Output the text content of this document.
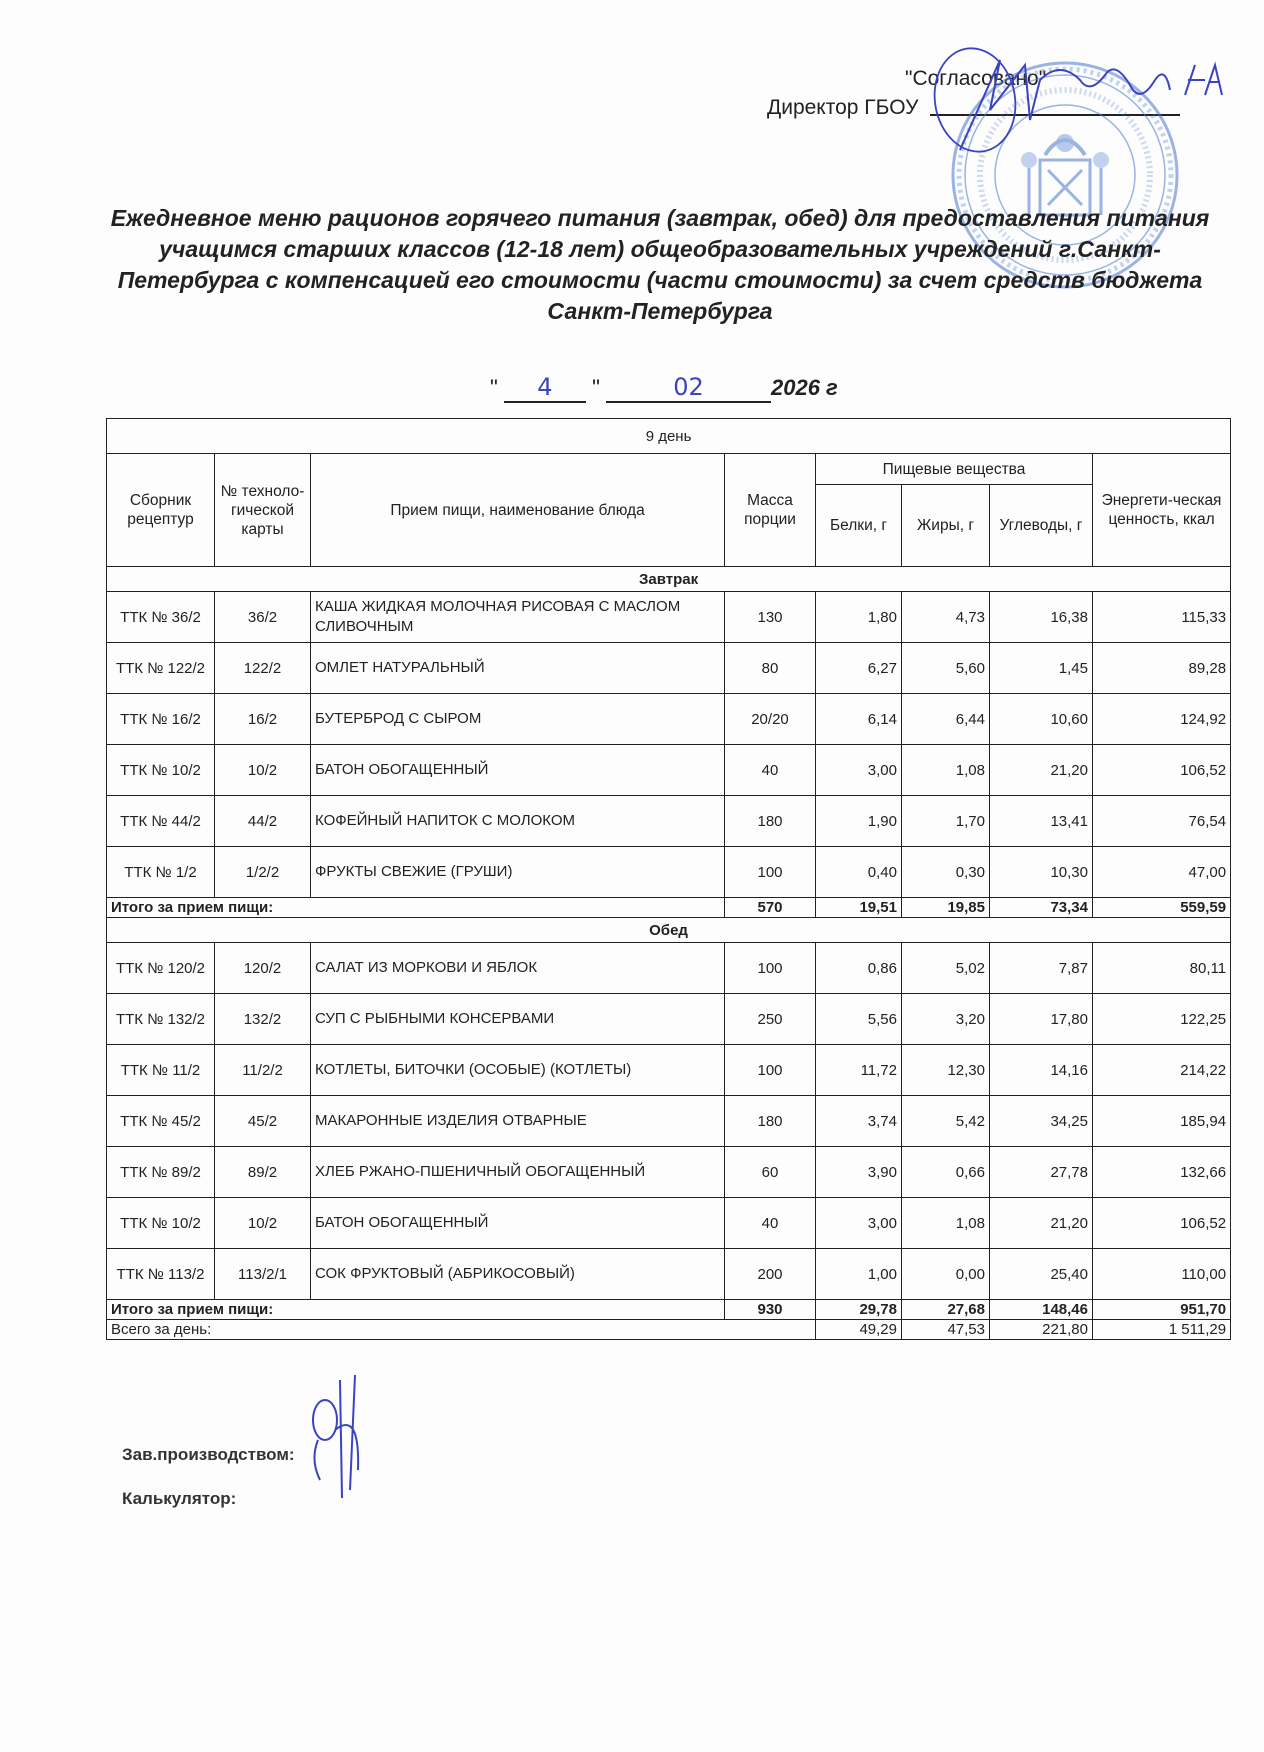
"Согласовано"
Директор ГБОУ
Ежедневное меню рационов горячего питания (завтрак, обед) для предоставления питания учащимся старших классов (12-18 лет) общеобразовательных учреждений г.Санкт-Петербурга с компенсацией его стоимости (части стоимости) за счет средств бюджета Санкт-Петербурга
" 4 "	02	2026 г
9 день							
Сборник рецептур	№ техноло-гической карты	Прием пищи, наименование блюда	Масса порции	Пищевые вещества			Энергети-ческая ценность, ккал
				Белки, г	Жиры, г	Углеводы, г	
Завтрак							
ТТК № 36/2	36/2	КАША ЖИДКАЯ МОЛОЧНАЯ РИСОВАЯ С МАСЛОМ СЛИВОЧНЫМ	130	1,80	4,73	16,38	115,33
ТТК № 122/2	122/2	ОМЛЕТ НАТУРАЛЬНЫЙ	80	6,27	5,60	1,45	89,28
ТТК № 16/2	16/2	БУТЕРБРОД С СЫРОМ	20/20	6,14	6,44	10,60	124,92
ТТК № 10/2	10/2	БАТОН ОБОГАЩЕННЫЙ	40	3,00	1,08	21,20	106,52
ТТК № 44/2	44/2	КОФЕЙНЫЙ НАПИТОК С МОЛОКОМ	180	1,90	1,70	13,41	76,54
ТТК № 1/2	1/2/2	ФРУКТЫ СВЕЖИЕ (ГРУШИ)	100	0,40	0,30	10,30	47,00
Итого за прием пищи:			570	19,51	19,85	73,34	559,59
Обед							
ТТК № 120/2	120/2	САЛАТ ИЗ МОРКОВИ И ЯБЛОК	100	0,86	5,02	7,87	80,11
ТТК № 132/2	132/2	СУП С РЫБНЫМИ КОНСЕРВАМИ	250	5,56	3,20	17,80	122,25
ТТК № 11/2	11/2/2	КОТЛЕТЫ, БИТОЧКИ (ОСОБЫЕ) (КОТЛЕТЫ)	100	11,72	12,30	14,16	214,22
ТТК № 45/2	45/2	МАКАРОННЫЕ ИЗДЕЛИЯ ОТВАРНЫЕ	180	3,74	5,42	34,25	185,94
ТТК № 89/2	89/2	ХЛЕБ РЖАНО-ПШЕНИЧНЫЙ ОБОГАЩЕННЫЙ	60	3,90	0,66	27,78	132,66
ТТК № 10/2	10/2	БАТОН ОБОГАЩЕННЫЙ	40	3,00	1,08	21,20	106,52
ТТК № 113/2	113/2/1	СОК ФРУКТОВЫЙ (АБРИКОСОВЫЙ)	200	1,00	0,00	25,40	110,00
Итого за прием пищи:			930	29,78	27,68	148,46	951,70
Всего за день:				49,29	47,53	221,80	1 511,29
Зав.производством:
Калькулятор:
